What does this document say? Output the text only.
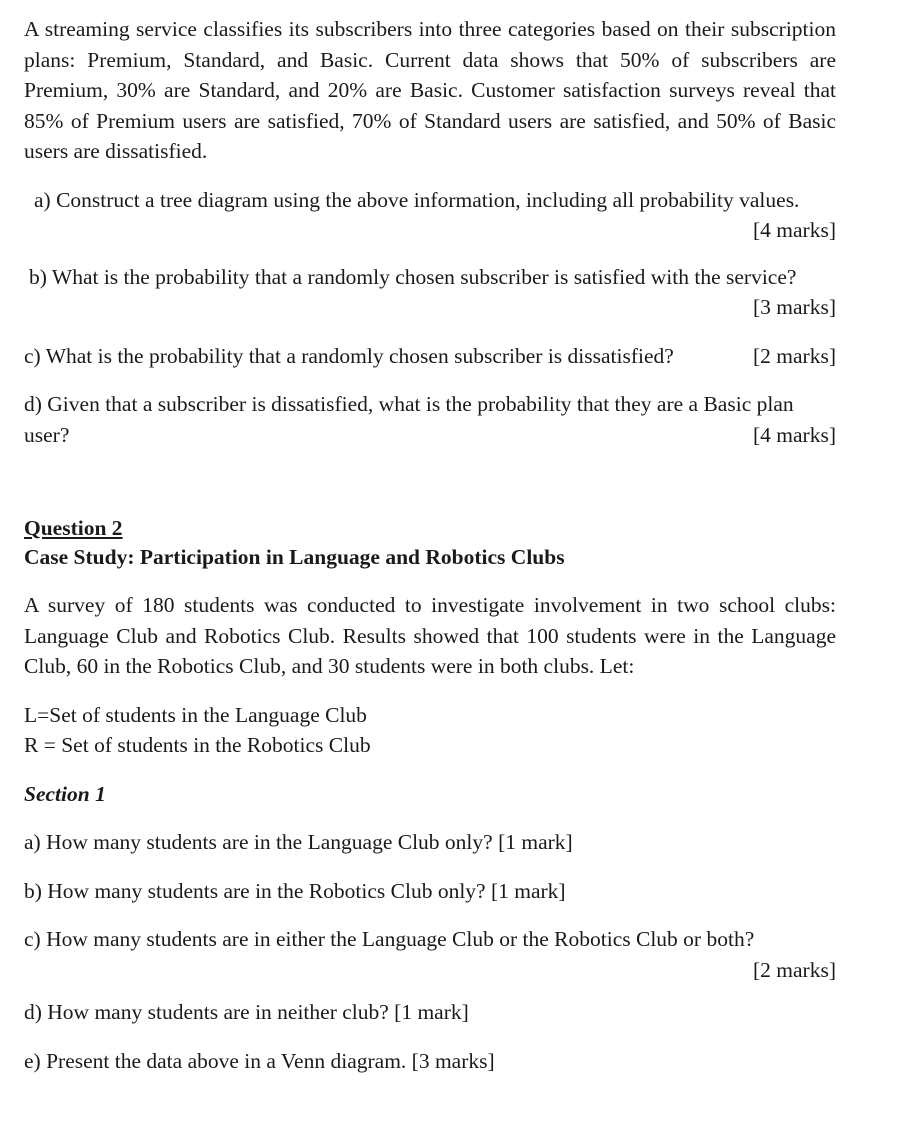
A streaming service classifies its subscribers into three categories based on their subscription plans: Premium, Standard, and Basic. Current data shows that 50% of subscribers are Premium, 30% are Standard, and 20% are Basic. Customer satisfaction surveys reveal that 85% of Premium users are satisfied, 70% of Standard users are satisfied, and 50% of Basic users are dissatisfied.

a) Construct a tree diagram using the above information, including all probability values.
[4 marks]
b) What is the probability that a randomly chosen subscriber is satisfied with the service?
[3 marks]
c) What is the probability that a randomly chosen subscriber is dissatisfied?	[2 marks]
d) Given that a subscriber is dissatisfied, what is the probability that they are a Basic plan
user?	[4 marks]
Question 2
Case Study: Participation in Language and Robotics Clubs

A survey of 180 students was conducted to investigate involvement in two school clubs: Language Club and Robotics Club. Results showed that 100 students were in the Language Club, 60 in the Robotics Club, and 30 students were in both clubs. Let:

L=Set of students in the Language Club
R = Set of students in the Robotics Club
Section 1
a) How many students are in the Language Club only? [1 mark]
b) How many students are in the Robotics Club only? [1 mark]
c) How many students are in either the Language Club or the Robotics Club or both?
[2 marks]
d) How many students are in neither club? [1 mark]
e) Present the data above in a Venn diagram. [3 marks]
